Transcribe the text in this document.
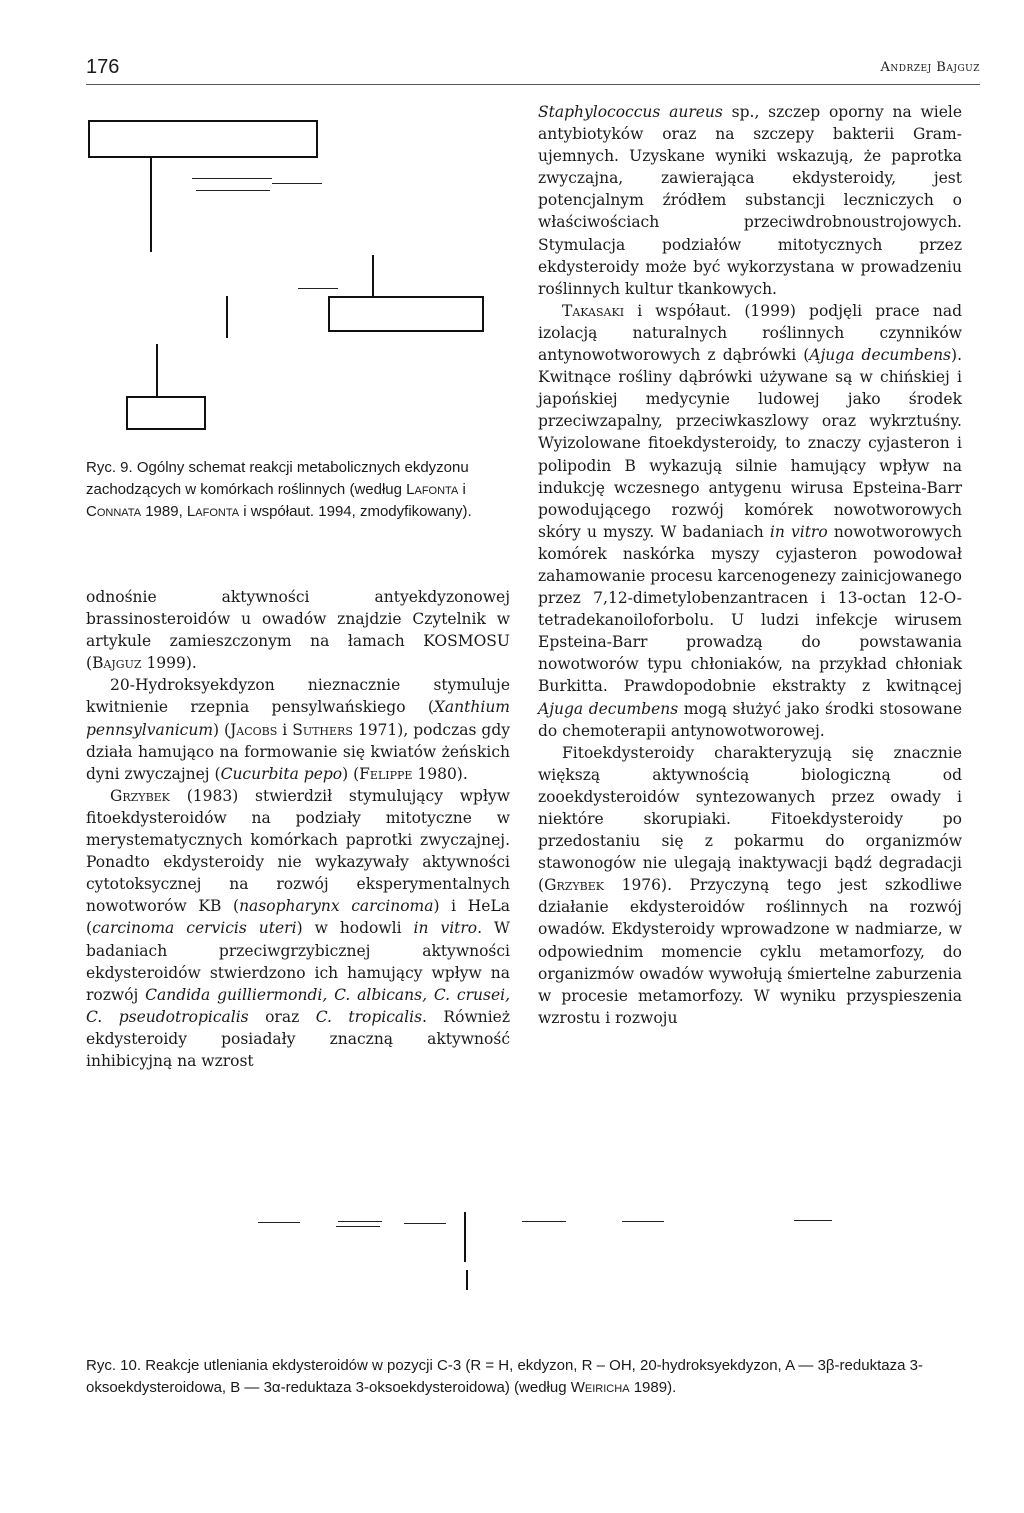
176	Andrzej Bajguz
Ryc. 9. Ogólny schemat reakcji metabolicznych ekdyzonu zachodzących w komórkach roślinnych (według Lafonta i Connata 1989, Lafonta i współaut. 1994, zmodyfikowany).

odnośnie aktywności antyekdyzonowej brassinosteroidów u owadów znajdzie Czytelnik w artykule zamieszczonym na łamach KOSMOSU (Bajguz 1999).

20-Hydroksyekdyzon nieznacznie stymuluje kwitnienie rzepnia pensylwańskiego (Xanthium pennsylvanicum) (Jacobs i Suthers 1971), podczas gdy działa hamująco na formowanie się kwiatów żeńskich dyni zwyczajnej (Cucurbita pepo) (Felippe 1980).

Grzybek (1983) stwierdził stymulujący wpływ fitoekdysteroidów na podziały mitotyczne w merystematycznych komórkach paprotki zwyczajnej. Ponadto ekdysteroidy nie wykazywały aktywności cytotoksycznej na rozwój eksperymentalnych nowotworów KB (nasopharynx carcinoma) i HeLa (carcinoma cervicis uteri) w hodowli in vitro. W badaniach przeciwgrzybicznej aktywności ekdysteroidów stwierdzono ich hamujący wpływ na rozwój Candida guilliermondi, C. albicans, C. crusei, C. pseudotropicalis oraz C. tropicalis. Również ekdysteroidy posiadały znaczną aktywność inhibicyjną na wzrost

Staphylococcus aureus sp., szczep oporny na wiele antybiotyków oraz na szczepy bakterii Gram-ujemnych. Uzyskane wyniki wskazują, że paprotka zwyczajna, zawierająca ekdysteroidy, jest potencjalnym źródłem substancji leczniczych o właściwościach przeciwdrobnoustrojowych. Stymulacja podziałów mitotycznych przez ekdysteroidy może być wykorzystana w prowadzeniu roślinnych kultur tkankowych.

Takasaki i współaut. (1999) podjęli prace nad izolacją naturalnych roślinnych czynników antynowotworowych z dąbrówki (Ajuga decumbens). Kwitnące rośliny dąbrówki używane są w chińskiej i japońskiej medycynie ludowej jako środek przeciwzapalny, przeciwkaszlowy oraz wykrztuśny. Wyizolowane fitoekdysteroidy, to znaczy cyjasteron i polipodin B wykazują silnie hamujący wpływ na indukcję wczesnego antygenu wirusa Epsteina-Barr powodującego rozwój komórek nowotworowych skóry u myszy. W badaniach in vitro nowotworowych komórek naskórka myszy cyjasteron powodował zahamowanie procesu karcenogenezy zainicjowanego przez 7,12-dimetylobenzantracen i 13-octan 12-O-tetradekanoiloforbolu. U ludzi infekcje wirusem Epsteina-Barr prowadzą do powstawania nowotworów typu chłoniaków, na przykład chłoniak Burkitta. Prawdopodobnie ekstrakty z kwitnącej Ajuga decumbens mogą służyć jako środki stosowane do chemoterapii antynowotworowej.

Fitoekdysteroidy charakteryzują się znacznie większą aktywnością biologiczną od zooekdysteroidów syntezowanych przez owady i niektóre skorupiaki. Fitoekdysteroidy po przedostaniu się z pokarmu do organizmów stawonogów nie ulegają inaktywacji bądź degradacji (Grzybek 1976). Przyczyną tego jest szkodliwe działanie ekdysteroidów roślinnych na rozwój owadów. Ekdysteroidy wprowadzone w nadmiarze, w odpowiednim momencie cyklu metamorfozy, do organizmów owadów wywołują śmiertelne zaburzenia w procesie metamorfozy. W wyniku przyspieszenia wzrostu i rozwoju

Ryc. 10. Reakcje utleniania ekdysteroidów w pozycji C-3 (R = H, ekdyzon, R – OH, 20-hydroksyekdyzon, A — 3β-reduktaza 3-oksoekdysteroidowa, B — 3α-reduktaza 3-oksoekdysteroidowa) (według Weiricha 1989).
